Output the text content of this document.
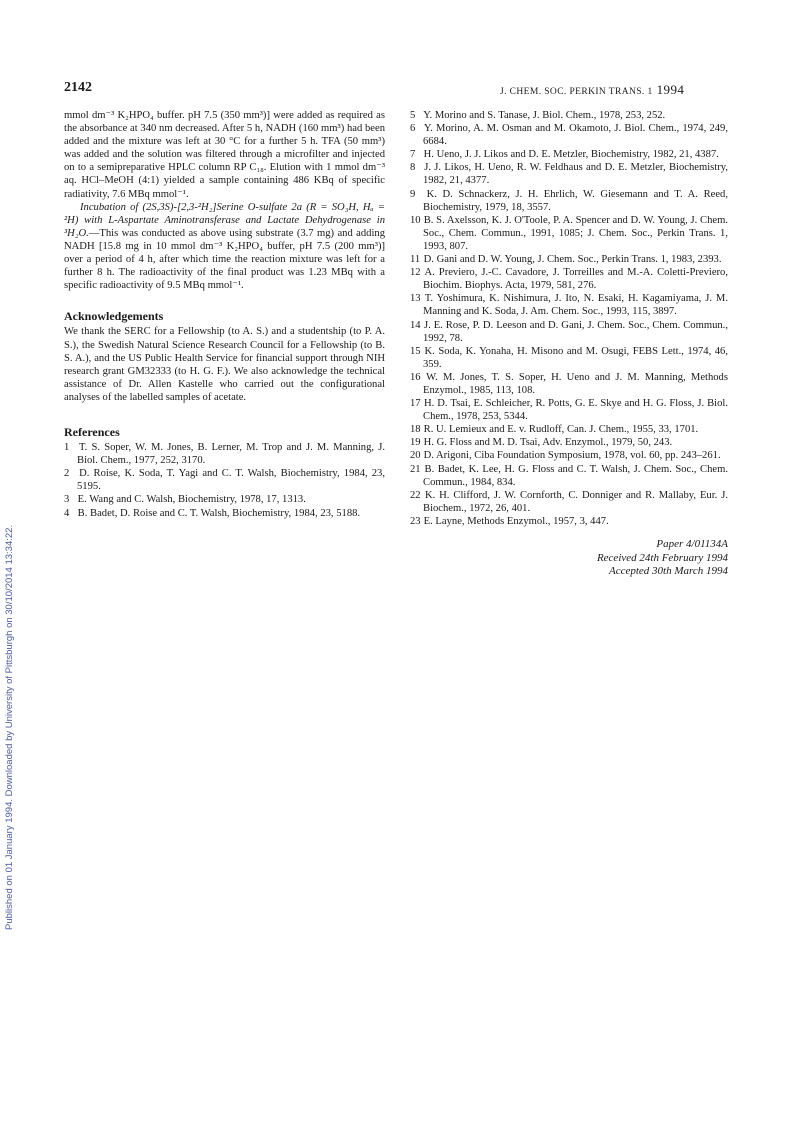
Published on 01 January 1994. Downloaded by University of Pittsburgh on 30/10/2014 13:34:22.
2142	J. CHEM. SOC. PERKIN TRANS. 1 1994

mmol dm⁻³ K₂HPO₄ buffer. pH 7.5 (350 mm³)] were added as required as the absorbance at 340 nm decreased. After 5 h, NADH (160 mm³) had been added and the mixture was left at 30 °C for a further 5 h. TFA (50 mm³) was added and the solution was filtered through a microfilter and injected on to a semipreparative HPLC column RP C₁₈. Elution with 1 mmol dm⁻³ aq. HCl–MeOH (4:1) yielded a sample containing 486 KBq of specific radiativity, 7.6 MBq mmol⁻¹.

Incubation of (2S,3S)-[2,3-²H₂]Serine O-sulfate 2a (R = SO₃H, Hₐ = ²H) with L-Aspartate Aminotransferase and Lactate Dehydrogenase in ³H₂O.—This was conducted as above using substrate (3.7 mg) and adding NADH [15.8 mg in 10 mmol dm⁻³ K₂HPO₄ buffer, pH 7.5 (200 mm³)] over a period of 4 h, after which time the reaction mixture was left for a further 8 h. The radioactivity of the final product was 1.23 MBq with a specific radioactivity of 9.5 MBq mmol⁻¹.

Acknowledgements

We thank the SERC for a Fellowship (to A. S.) and a studentship (to P. A. S.), the Swedish Natural Science Research Council for a Fellowship (to B. S. A.), and the US Public Health Service for financial support through NIH research grant GM32333 (to H. G. F.). We also acknowledge the technical assistance of Dr. Allen Kastelle who carried out the configurational analyses of the labelled samples of acetate.

References

1 T. S. Soper, W. M. Jones, B. Lerner, M. Trop and J. M. Manning, J. Biol. Chem., 1977, 252, 3170.

2 D. Roise, K. Soda, T. Yagi and C. T. Walsh, Biochemistry, 1984, 23, 5195.

3 E. Wang and C. Walsh, Biochemistry, 1978, 17, 1313.

4 B. Badet, D. Roise and C. T. Walsh, Biochemistry, 1984, 23, 5188.

5 Y. Morino and S. Tanase, J. Biol. Chem., 1978, 253, 252.

6 Y. Morino, A. M. Osman and M. Okamoto, J. Biol. Chem., 1974, 249, 6684.

7 H. Ueno, J. J. Likos and D. E. Metzler, Biochemistry, 1982, 21, 4387.

8 J. J. Likos, H. Ueno, R. W. Feldhaus and D. E. Metzler, Biochemistry, 1982, 21, 4377.

9 K. D. Schnackerz, J. H. Ehrlich, W. Giesemann and T. A. Reed, Biochemistry, 1979, 18, 3557.

10 B. S. Axelsson, K. J. O'Toole, P. A. Spencer and D. W. Young, J. Chem. Soc., Chem. Commun., 1991, 1085; J. Chem. Soc., Perkin Trans. 1, 1993, 807.

11 D. Gani and D. W. Young, J. Chem. Soc., Perkin Trans. 1, 1983, 2393.

12 A. Previero, J.-C. Cavadore, J. Torreilles and M.-A. Coletti-Previero, Biochim. Biophys. Acta, 1979, 581, 276.

13 T. Yoshimura, K. Nishimura, J. Ito, N. Esaki, H. Kagamiyama, J. M. Manning and K. Soda, J. Am. Chem. Soc., 1993, 115, 3897.

14 J. E. Rose, P. D. Leeson and D. Gani, J. Chem. Soc., Chem. Commun., 1992, 78.

15 K. Soda, K. Yonaha, H. Misono and M. Osugi, FEBS Lett., 1974, 46, 359.

16 W. M. Jones, T. S. Soper, H. Ueno and J. M. Manning, Methods Enzymol., 1985, 113, 108.

17 H. D. Tsai, E. Schleicher, R. Potts, G. E. Skye and H. G. Floss, J. Biol. Chem., 1978, 253, 5344.

18 R. U. Lemieux and E. v. Rudloff, Can. J. Chem., 1955, 33, 1701.

19 H. G. Floss and M. D. Tsai, Adv. Enzymol., 1979, 50, 243.

20 D. Arigoni, Ciba Foundation Symposium, 1978, vol. 60, pp. 243–261.

21 B. Badet, K. Lee, H. G. Floss and C. T. Walsh, J. Chem. Soc., Chem. Commun., 1984, 834.

22 K. H. Clifford, J. W. Cornforth, C. Donniger and R. Mallaby, Eur. J. Biochem., 1972, 26, 401.

23 E. Layne, Methods Enzymol., 1957, 3, 447.

Paper 4/01134A
Received 24th February 1994
Accepted 30th March 1994
